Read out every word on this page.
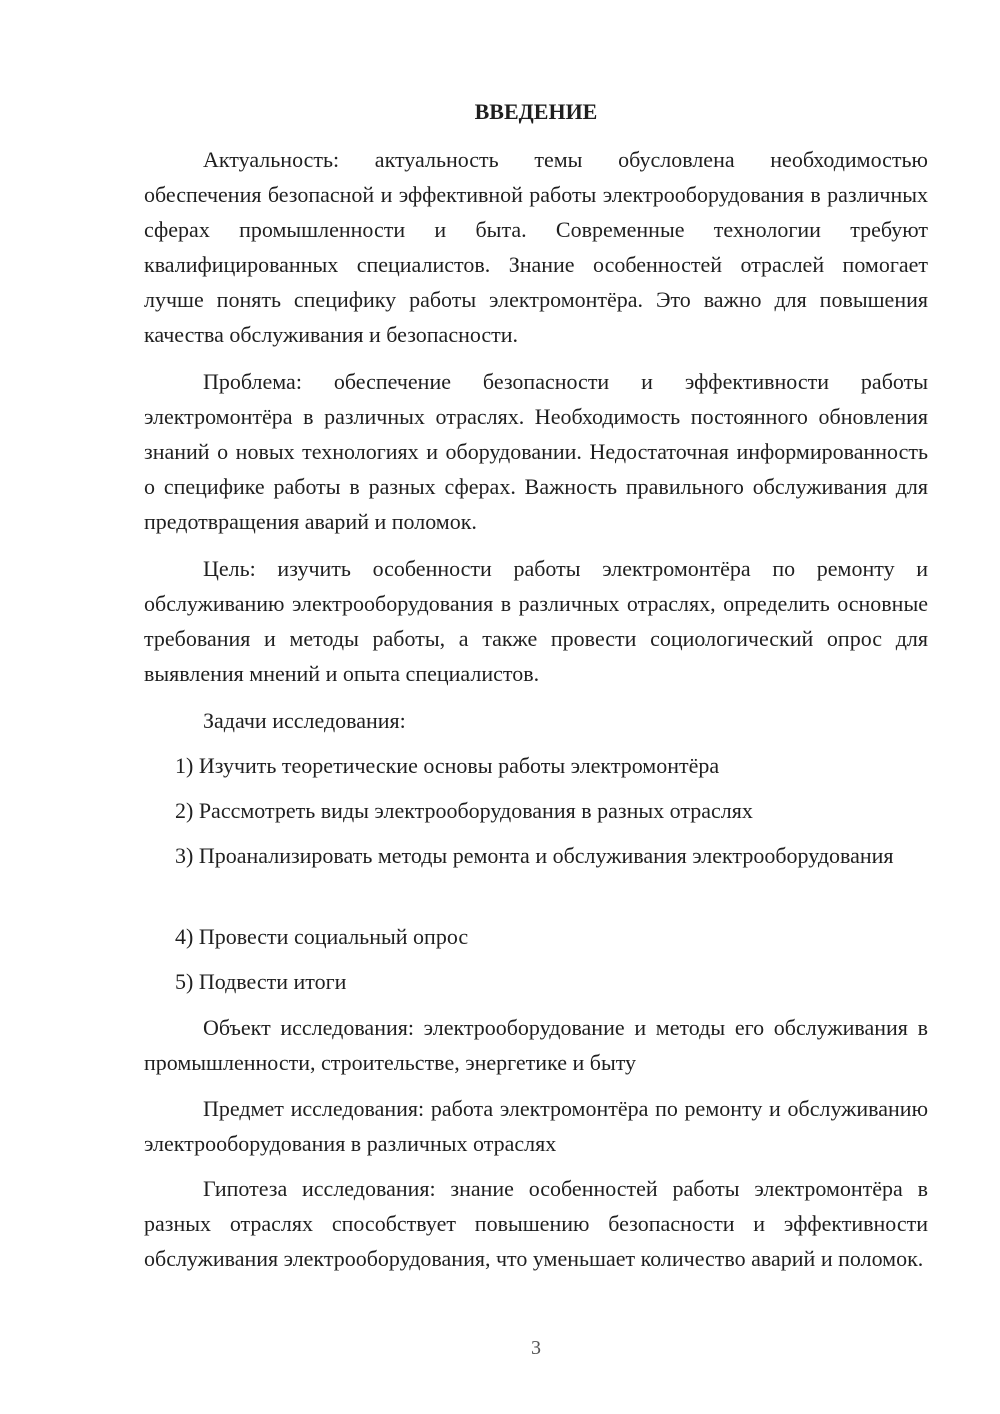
ВВЕДЕНИЕ

Актуальность: актуальность темы обусловлена необходимостью обеспечения безопасной и эффективной работы электрооборудования в различных сферах промышленности и быта. Современные технологии требуют квалифицированных специалистов. Знание особенностей отраслей помогает лучше понять специфику работы электромонтёра. Это важно для повышения качества обслуживания и безопасности.

Проблема: обеспечение безопасности и эффективности работы электромонтёра в различных отраслях. Необходимость постоянного обновления знаний о новых технологиях и оборудовании. Недостаточная информированность о специфике работы в разных сферах. Важность правильного обслуживания для предотвращения аварий и поломок.

Цель: изучить особенности работы электромонтёра по ремонту и обслуживанию электрооборудования в различных отраслях, определить основные требования и методы работы, а также провести социологический опрос для выявления мнений и опыта специалистов.

Задачи исследования:

1) Изучить теоретические основы работы электромонтёра

2) Рассмотреть виды электрооборудования в разных отраслях

3) Проанализировать методы ремонта и обслуживания электрооборудования

4) Провести социальный опрос

5) Подвести итоги

Объект исследования: электрооборудование и методы его обслуживания в промышленности, строительстве, энергетике и быту

Предмет исследования: работа электромонтёра по ремонту и обслуживанию электрооборудования в различных отраслях

Гипотеза исследования: знание особенностей работы электромонтёра в разных отраслях способствует повышению безопасности и эффективности обслуживания электрооборудования, что уменьшает количество аварий и поломок.

3
